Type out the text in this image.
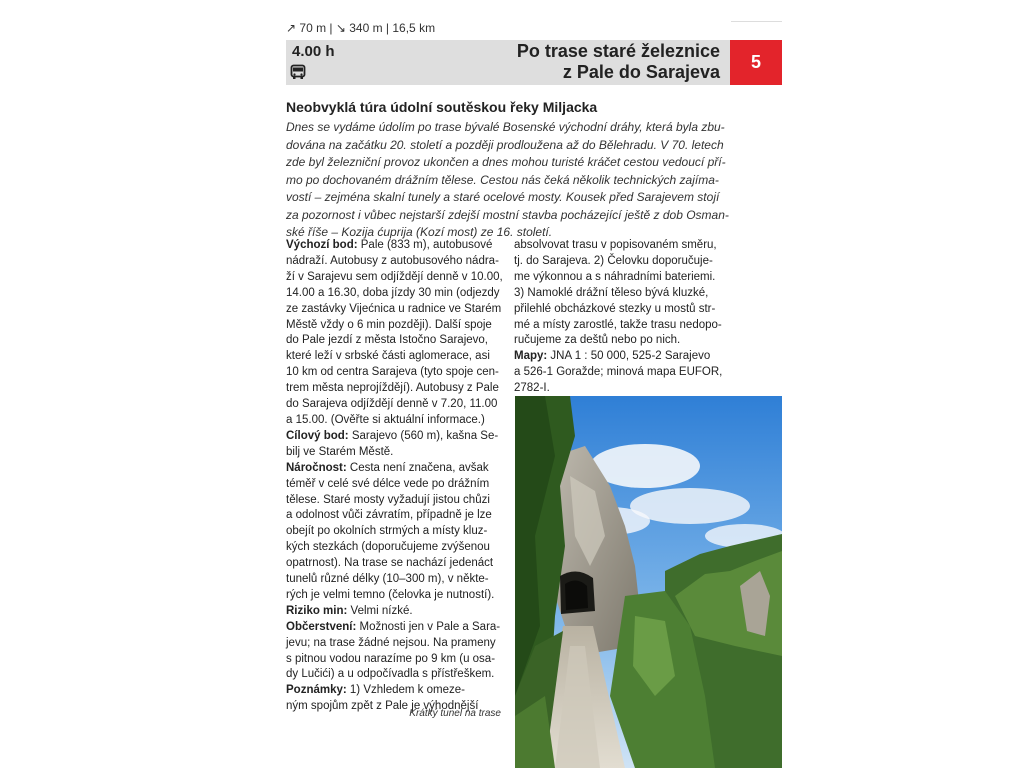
↗ 70 m | ↘ 340 m | 16,5 km
4.00 h	Po trase staré železnice
z Pale do Sarajeva	5
Neobvyklá túra údolní soutěskou řeky Miljacka
Dnes se vydáme údolím po trase bývalé Bosenské východní dráhy, která byla zbu-
dována na začátku 20. století a později prodloužena až do Bělehradu. V 70. letech
zde byl železniční provoz ukončen a dnes mohou turisté kráčet cestou vedoucí pří-
mo po dochovaném drážním tělese. Cestou nás čeká několik technických zajíma-
vostí – zejména skalní tunely a staré ocelové mosty. Kousek před Sarajevem stojí
za pozornost i vůbec nejstarší zdejší mostní stavba pocházející ještě z dob Osman-
ské říše – Kozija ćuprija (Kozí most) ze 16. století.
Výchozí bod: Pale (833 m), autobusové
nádraží. Autobusy z autobusového nádra-
ží v Sarajevu sem odjíždějí denně v 10.00,
14.00 a 16.30, doba jízdy 30 min (odjezdy
ze zastávky Vijećnica u radnice ve Starém
Městě vždy o 6 min později). Další spoje
do Pale jezdí z města Istočno Sarajevo,
které leží v srbské části aglomerace, asi
10 km od centra Sarajeva (tyto spoje cen-
trem města neprojíždějí). Autobusy z Pale
do Sarajeva odjíždějí denně v 7.20, 11.00
a 15.00. (Ověřte si aktuální informace.)
Cílový bod: Sarajevo (560 m), kašna Se-
bilj ve Starém Městě.
Náročnost: Cesta není značena, avšak
téměř v celé své délce vede po drážním
tělese. Staré mosty vyžadují jistou chůzi
a odolnost vůči závratím, případně je lze
obejít po okolních strmých a místy kluz-
kých stezkách (doporučujeme zvýšenou
opatrnost). Na trase se nachází jedenáct
tunelů různé délky (10–300 m), v někte-
rých je velmi temno (čelovka je nutností).
Riziko min: Velmi nízké.
Občerstvení: Možnosti jen v Pale a Sara-
jevu; na trase žádné nejsou. Na prameny
s pitnou vodou narazíme po 9 km (u osa-
dy Lučići) a u odpočívadla s přístřeškem.
Poznámky: 1) Vzhledem k omeze-
ným spojům zpět z Pale je výhodnější
absolvovat trasu v popisovaném směru,
tj. do Sarajeva. 2) Čelovku doporučuje-
me výkonnou a s náhradními bateriemi.
3) Namoklé drážní těleso bývá kluzké,
přilehlé obcházkové stezky u mostů str-
mé a místy zarostlé, takže trasu nedopo-
ručujeme za deštů nebo po nich.
Mapy: JNA 1 : 50 000, 525-2 Sarajevo
a 526-1 Goražde; minová mapa EUFOR,
2782-I.
Krátký tunel na trase
